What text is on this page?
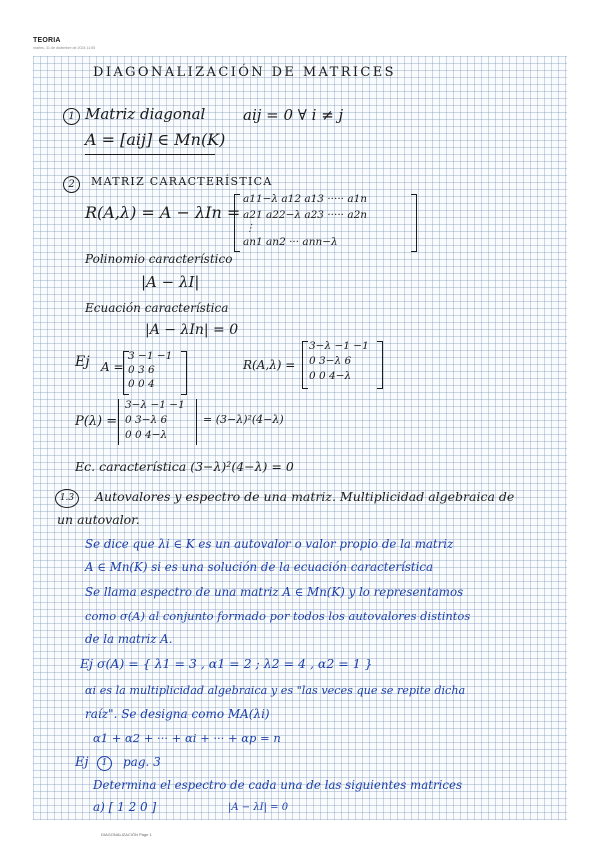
TEORIA
martes, 31 de diciembre de 2024 11:50
DIAGONALIZACIÓN DE MATRICES
1 Matriz diagonal	aij = 0 ∀ i ≠ j
A = [aij] ∈ Mn(K)
2	MATRIZ CARACTERÍSTICA
R(A,λ) = A − λIn =
a11−λ a12 a13 ····· a1n
a21 a22−λ a23 ····· a2n
⋮
an1 an2 ··· ann−λ
Polinomio característico
|A − λI|
Ecuación característica
|A − λIn| = 0
Ej A =
3 −1 −1
0 3 6
0 0 4
R(A,λ) =
3−λ −1 −1
0 3−λ 6
0 0 4−λ
P(λ) =
3−λ −1 −1
0 3−λ 6
0 0 4−λ
= (3−λ)²(4−λ)
Ec. característica (3−λ)²(4−λ) = 0
1.3	Autovalores y espectro de una matriz. Multiplicidad algebraica de
un autovalor.
Se dice que λi ∈ K es un autovalor o valor propio de la matriz
A ∈ Mn(K) si es una solución de la ecuación característica
Se llama espectro de una matriz A ∈ Mn(K) y lo representamos
como σ(A) al conjunto formado por todos los autovalores distintos
de la matriz A.
Ej σ(A) = { λ1 = 3 , α1 = 2 ; λ2 = 4 , α2 = 1 }
αi es la multiplicidad algebraica y es "las veces que se repite dicha
raíz". Se designa como MA(λi)
α1 + α2 + ··· + αi + ··· + αp = n
Ej	1	pag. 3
Determina el espectro de cada una de las siguientes matrices
a) [ 1 2 0 ]	|A − λI| = 0
DIAGONALIZACIÓN Page 1
